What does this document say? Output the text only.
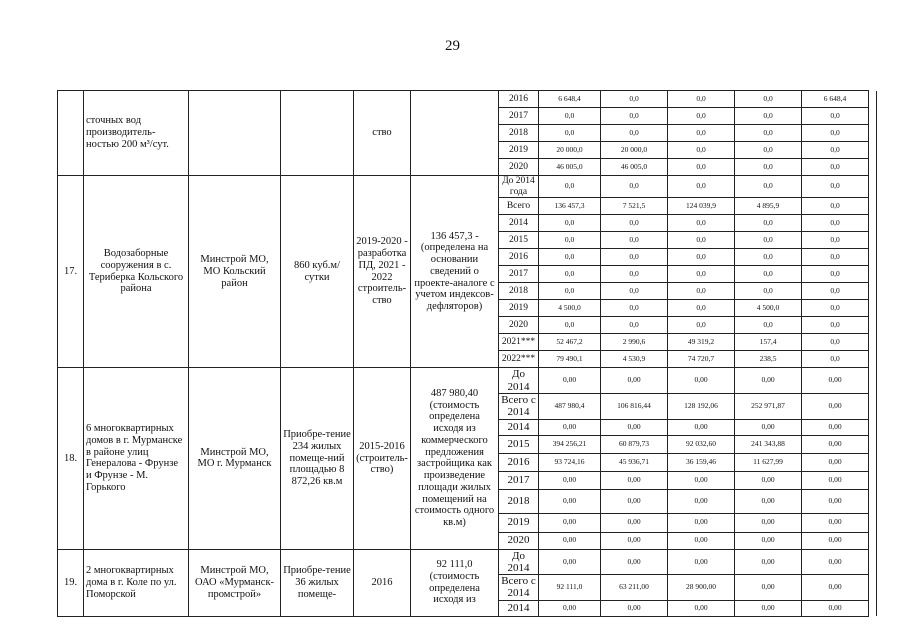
29
	сточных вод производитель-ностью 200 м³/сут.			ство		2016	6 648,4	0,0	0,0	0,0	6 648,4	
						2017	0,0	0,0	0,0	0,0	0,0	
						2018	0,0	0,0	0,0	0,0	0,0	
						2019	20 000,0	20 000,0	0,0	0,0	0,0	
						2020	46 005,0	46 005,0	0,0	0,0	0,0	
17.	Водозаборные сооружения в с. Териберка Кольского района	Минстрой МО, МО Кольский район	860 куб.м/сутки	2019-2020 - разработка ПД, 2021 - 2022 строитель-ство	136 457,3 - (определена на основании сведений о проекте-аналоге с учетом индексов-дефляторов)	До 2014 года	0,0	0,0	0,0	0,0	0,0	
						Всего	136 457,3	7 521,5	124 039,9	4 895,9	0,0	
						2014	0,0	0,0	0,0	0,0	0,0	
						2015	0,0	0,0	0,0	0,0	0,0	
						2016	0,0	0,0	0,0	0,0	0,0	
						2017	0,0	0,0	0,0	0,0	0,0	
						2018	0,0	0,0	0,0	0,0	0,0	
						2019	4 500,0	0,0	0,0	4 500,0	0,0	
						2020	0,0	0,0	0,0	0,0	0,0	
						2021***	52 467,2	2 990,6	49 319,2	157,4	0,0	
						2022***	79 490,1	4 530,9	74 720,7	238,5	0,0	
18.	6 многоквартирных домов в г. Мурманске в районе улиц Генералова - Фрунзе и Фрунзе - М. Горького	Минстрой МО, МО г. Мурманск	Приобре-тение 234 жилых помеще-ний площадью 8 872,26 кв.м	2015-2016 (строитель-ство)	487 980,40 (стоимость определена исходя из коммерческого предложения застройщика как произведение площади жилых помещений на стоимость одного кв.м)	До 2014	0,00	0,00	0,00	0,00	0,00	
						Всего с 2014	487 980,4	106 816,44	128 192,06	252 971,87	0,00	
						2014	0,00	0,00	0,00	0,00	0,00	
						2015	394 256,21	60 879,73	92 032,60	241 343,88	0,00	
						2016	93 724,16	45 936,71	36 159,46	11 627,99	0,00	
						2017	0,00	0,00	0,00	0,00	0,00	
						2018	0,00	0,00	0,00	0,00	0,00	
						2019	0,00	0,00	0,00	0,00	0,00	
						2020	0,00	0,00	0,00	0,00	0,00	
19.	2 многоквартирных дома в г. Коле по ул. Поморской	Минстрой МО, ОАО «Мурманск-промстрой»	Приобре-тение 36 жилых помеще-	2016	92 111,0 (стоимость определена исходя из	До 2014	0,00	0,00	0,00	0,00	0,00	
						Всего с 2014	92 111,0	63 211,00	28 900,00	0,00	0,00	
						2014	0,00	0,00	0,00	0,00	0,00	
